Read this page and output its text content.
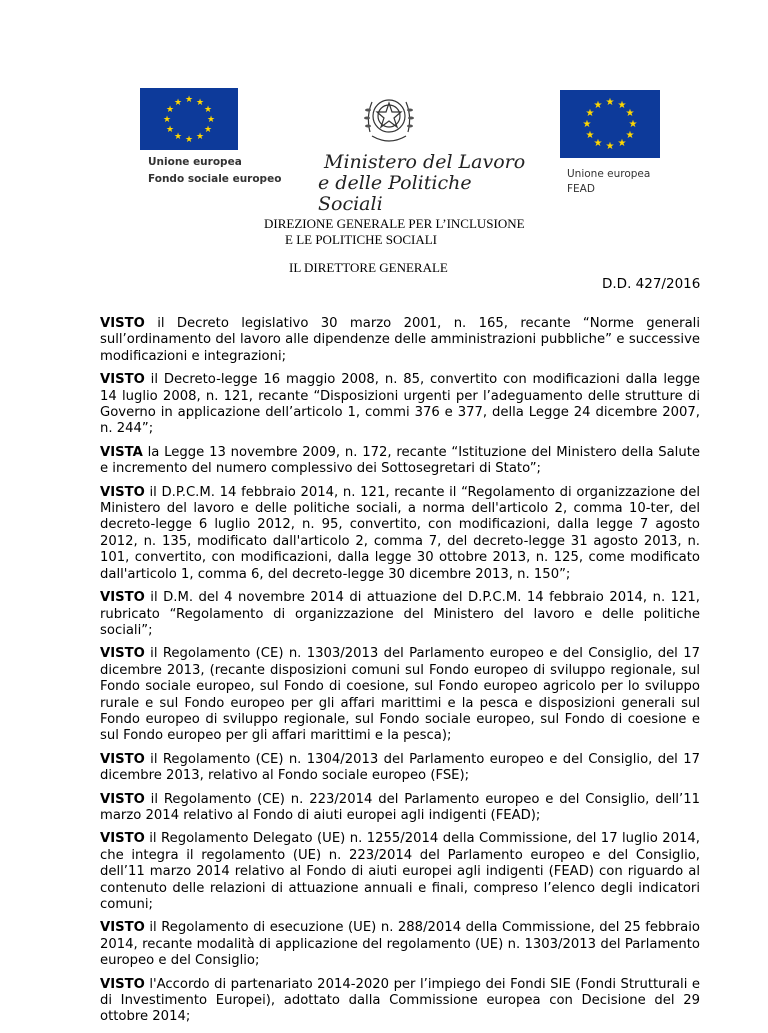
★ ★
★
★
★
★
★
★
★
★
★
★
Unione europea
Fondo sociale europeo
Ministero del Lavoro
e delle Politiche Sociali
★ ★
★
★
★
★
★
★
★
★
★
★
Unione europea
FEAD
DIREZIONE GENERALE PER L’INCLUSIONE
E LE POLITICHE SOCIALI
IL DIRETTORE GENERALE
D.D. 427/2016

VISTO il Decreto legislativo 30 marzo 2001, n. 165, recante “Norme generali sull’ordinamento del lavoro alle dipendenze delle amministrazioni pubbliche” e successive modificazioni e integrazioni;

VISTO il Decreto-legge 16 maggio 2008, n. 85, convertito con modificazioni dalla legge 14 luglio 2008, n. 121, recante “Disposizioni urgenti per l’adeguamento delle strutture di Governo in applicazione dell’articolo 1, commi 376 e 377, della Legge 24 dicembre 2007, n. 244”;

VISTA la Legge 13 novembre 2009, n. 172, recante “Istituzione del Ministero della Salute e incremento del numero complessivo dei Sottosegretari di Stato”;

VISTO il D.P.C.M. 14 febbraio 2014, n. 121, recante il “Regolamento di organizzazione del Ministero del lavoro e delle politiche sociali, a norma dell'articolo 2, comma 10-ter, del decreto-legge 6 luglio 2012, n. 95, convertito, con modificazioni, dalla legge 7 agosto 2012, n. 135, modificato dall'articolo 2, comma 7, del decreto-legge 31 agosto 2013, n. 101, convertito, con modificazioni, dalla legge 30 ottobre 2013, n. 125, come modificato dall'articolo 1, comma 6, del decreto-legge 30 dicembre 2013, n. 150”;

VISTO il D.M. del 4 novembre 2014 di attuazione del D.P.C.M. 14 febbraio 2014, n. 121, rubricato “Regolamento di organizzazione del Ministero del lavoro e delle politiche sociali”;

VISTO il Regolamento (CE) n. 1303/2013 del Parlamento europeo e del Consiglio, del 17 dicembre 2013, (recante disposizioni comuni sul Fondo europeo di sviluppo regionale, sul Fondo sociale europeo, sul Fondo di coesione, sul Fondo europeo agricolo per lo sviluppo rurale e sul Fondo europeo per gli affari marittimi e la pesca e disposizioni generali sul Fondo europeo di sviluppo regionale, sul Fondo sociale europeo, sul Fondo di coesione e sul Fondo europeo per gli affari marittimi e la pesca);

VISTO il Regolamento (CE) n. 1304/2013 del Parlamento europeo e del Consiglio, del 17 dicembre 2013, relativo al Fondo sociale europeo (FSE);

VISTO il Regolamento (CE) n. 223/2014 del Parlamento europeo e del Consiglio, dell’11 marzo 2014 relativo al Fondo di aiuti europei agli indigenti (FEAD);

VISTO il Regolamento Delegato (UE) n. 1255/2014 della Commissione, del 17 luglio 2014, che integra il regolamento (UE) n. 223/2014 del Parlamento europeo e del Consiglio, dell’11 marzo 2014 relativo al Fondo di aiuti europei agli indigenti (FEAD) con riguardo al contenuto delle relazioni di attuazione annuali e finali, compreso l’elenco degli indicatori comuni;

VISTO il Regolamento di esecuzione (UE) n. 288/2014 della Commissione, del 25 febbraio 2014, recante modalità di applicazione del regolamento (UE) n. 1303/2013 del Parlamento europeo e del Consiglio;

VISTO l'Accordo di partenariato 2014-2020 per l’impiego dei Fondi SIE (Fondi Strutturali e di Investimento Europei), adottato dalla Commissione europea con Decisione del 29 ottobre 2014;
